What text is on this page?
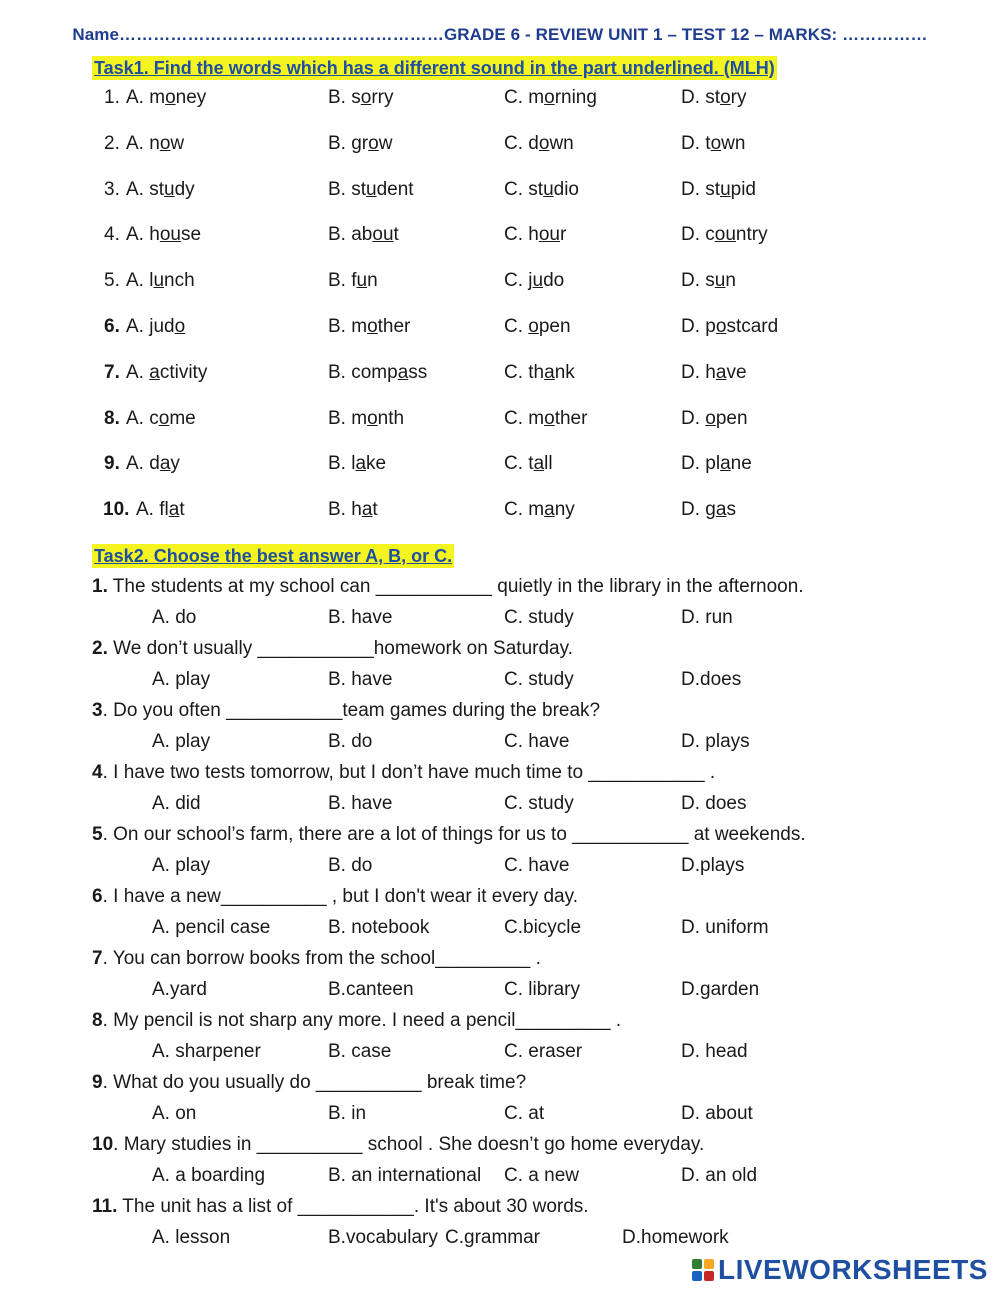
Name…………………………………………………GRADE 6 - REVIEW UNIT 1 – TEST 12 – MARKS: ……………
Task1. Find the words which has a different sound in the part underlined. (MLH)
1. A. money	B. sorry	C. morning	D. story
2. A. now	B. grow	C. down	D. town
3. A. study	B. student	C. studio	D. stupid
4. A. house	B. about	C. hour	D. country
5. A. lunch	B. fun	C. judo	D. sun
6. A. judo	B. mother	C. open	D. postcard
7. A. activity	B. compass	C. thank	D. have
8. A. come	B. month	C. mother	D. open
9. A. day	B. lake	C. tall	D. plane
10. A. flat	B. hat	C. many	D. gas
Task2. Choose the best answer A, B, or C.
1. The students at my school can ___________ quietly in the library in the afternoon.
A. do	B. have	C. study	D. run
2. We don’t usually ___________homework on Saturday.
A. play	B. have	C. study	D.does
3. Do you often ___________team games during the break?
A. play	B. do	C. have	D. plays
4. I have two tests tomorrow, but I don’t have much time to ___________ .
A. did	B. have	C. study	D. does
5. On our school’s farm, there are a lot of things for us to ___________ at weekends.
A. play	B. do	C. have	D.plays
6. I have a new__________ , but I don't wear it every day.
A. pencil case	B. notebook	C.bicycle	D. uniform
7. You can borrow books from the school_________ .
A.yard	B.canteen	C. library	D.garden
8. My pencil is not sharp any more. I need a pencil_________ .
A. sharpener	B. case	C. eraser	D. head
9. What do you usually do __________ break time?
A. on	B. in	C. at	D. about
10. Mary studies in __________ school . She doesn’t go home everyday.
A. a boarding	B. an international C. a new	D. an old
11. The unit has a list of ___________. It's about 30 words.
A. lesson	B.vocabulary C.grammar	D.homework
LIVEWORKSHEETS
